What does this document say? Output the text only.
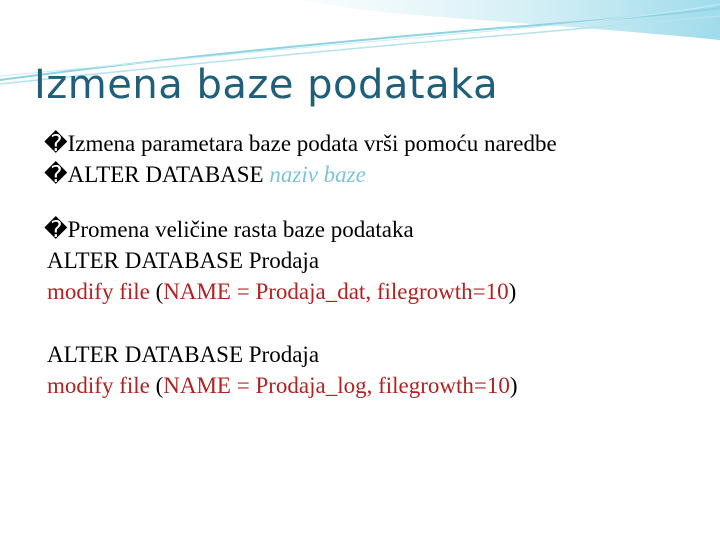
Izmena baze podataka
�Izmena parametara baze podata vrši pomoću naredbe
�ALTER DATABASE naziv baze
�Promena veličine rasta baze podataka
ALTER DATABASE Prodaja
modify file (NAME = Prodaja_dat, filegrowth=10)
ALTER DATABASE Prodaja
modify file (NAME = Prodaja_log, filegrowth=10)
